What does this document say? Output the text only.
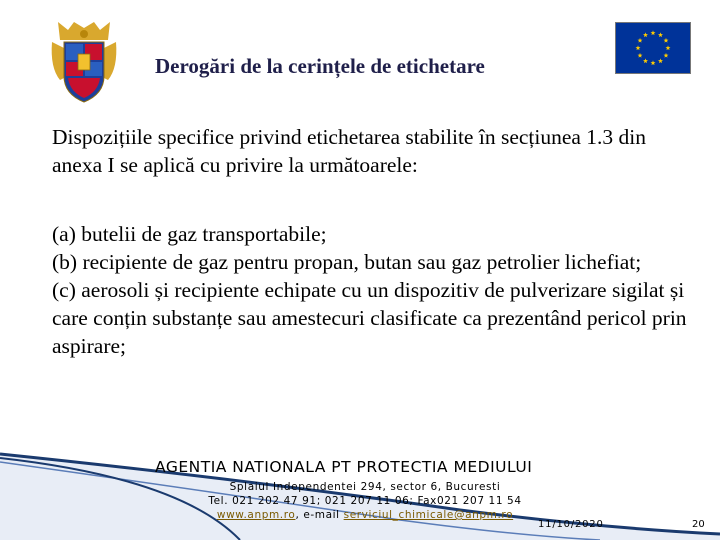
Derogări de la cerințele de etichetare
Dispozițiile specifice privind etichetarea stabilite în secțiunea 1.3 din anexa I se aplică cu privire la următoarele:
(a) butelii de gaz transportabile;
(b) recipiente de gaz pentru propan, butan sau gaz petrolier lichefiat;
(c) aerosoli și recipiente echipate cu un dispozitiv de pulverizare sigilat și care conțin substanțe sau amestecuri clasificate ca prezentând pericol prin aspirare;
AGENTIA NATIONALA PT PROTECTIA MEDIULUI
Splaiul Independentei 294, sector 6, Bucuresti
Tel. 021 202 47 91; 021 207 11 06; Fax021 207 11 54
www.anpm.ro, e-mail serviciul_chimicale@anpm.ro
11/10/2020	20
